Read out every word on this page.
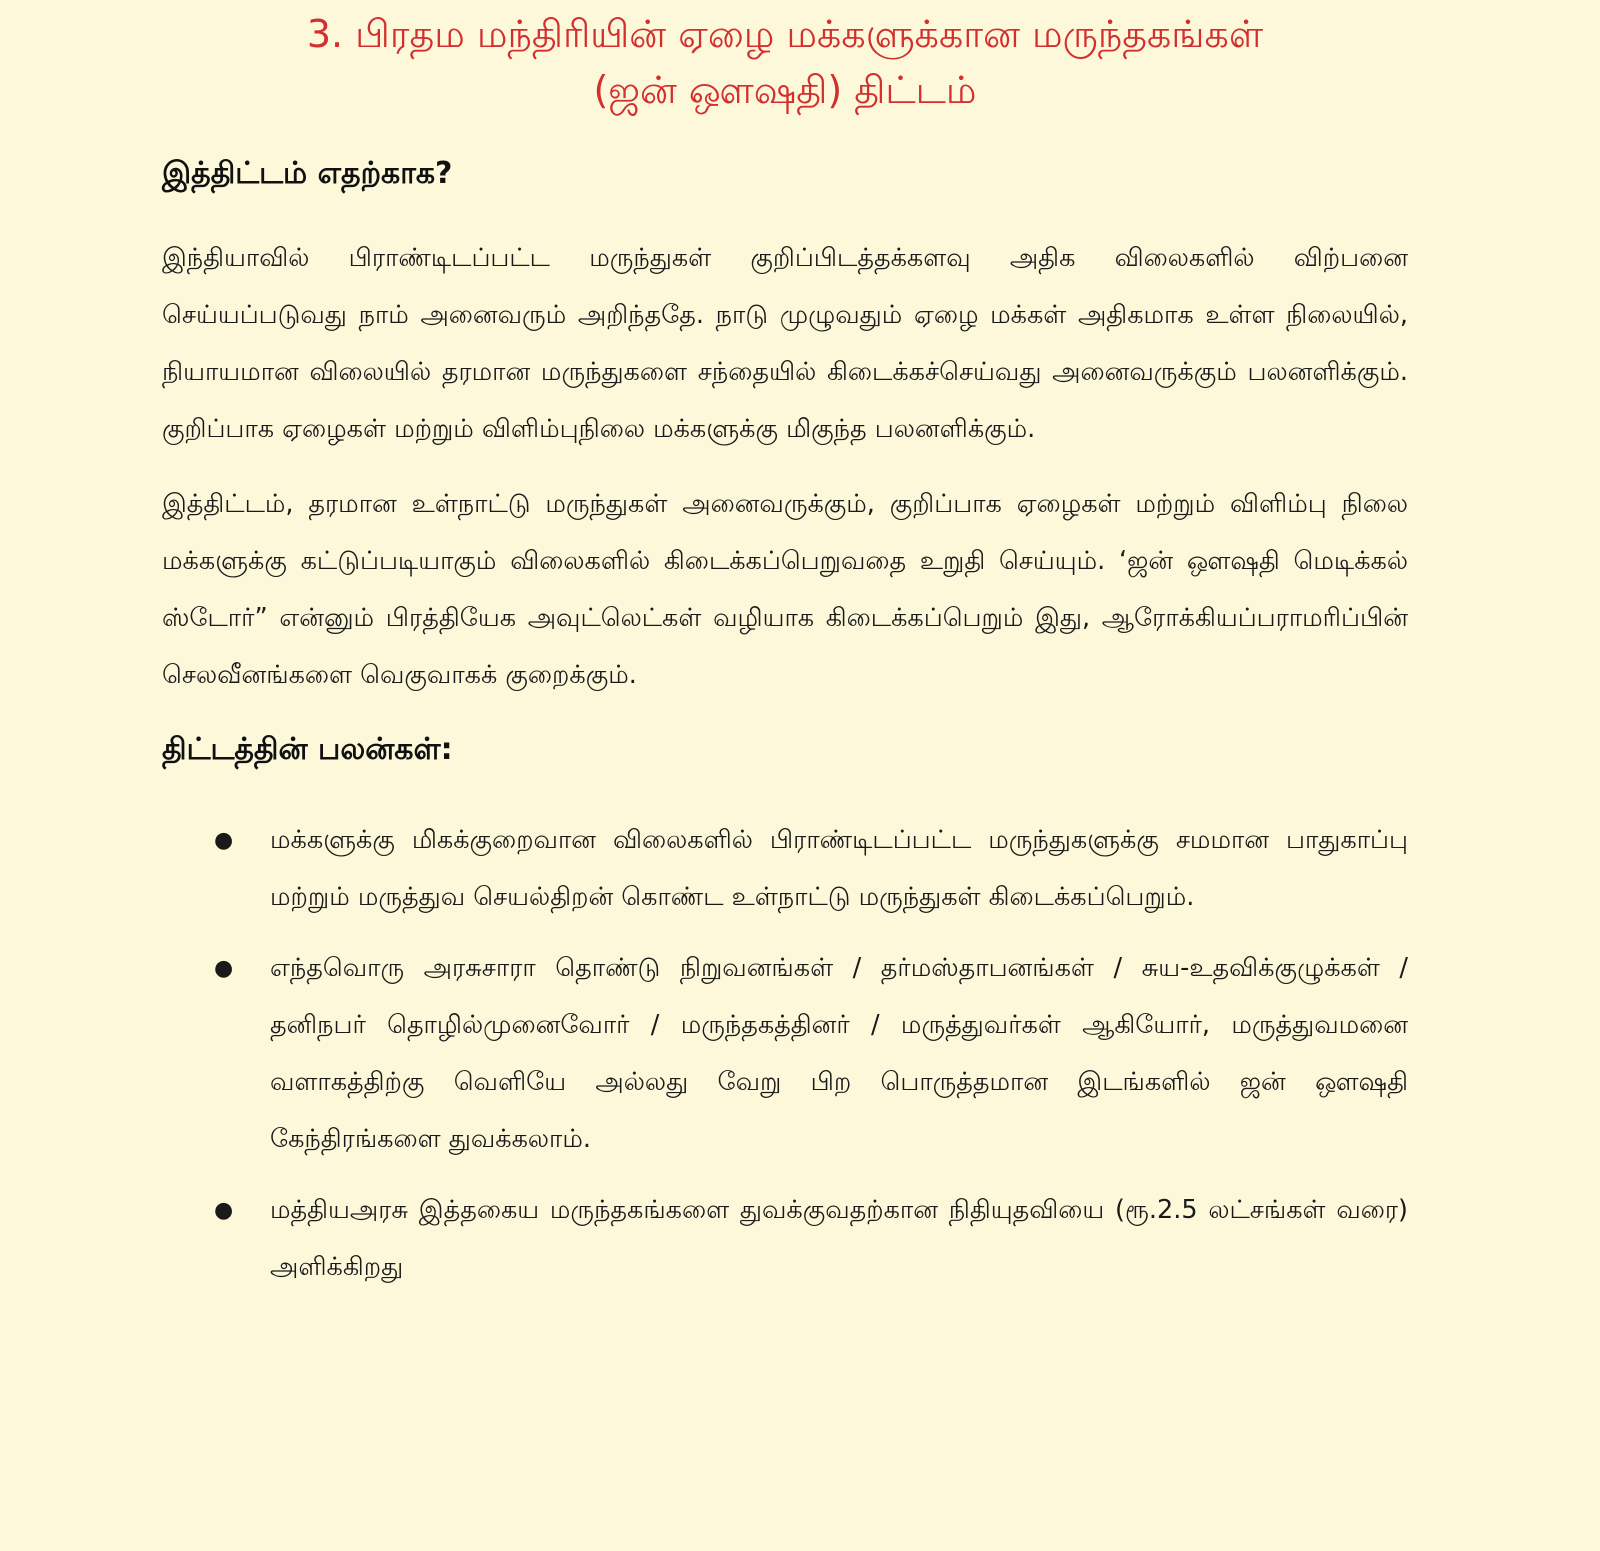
3. பிரதம மந்திரியின் ஏழை மக்களுக்கான மருந்தகங்கள்
(ஜன் ஔஷதி) திட்டம்
இத்திட்டம் எதற்காக?

இந்தியாவில் பிராண்டிடப்பட்ட மருந்துகள் குறிப்பிடத்தக்களவு அதிக விலைகளில் விற்பனை செய்யப்படுவது நாம் அனைவரும் அறிந்ததே. நாடு முழுவதும் ஏழை மக்கள் அதிகமாக உள்ள நிலையில், நியாயமான விலையில் தரமான மருந்துகளை சந்தையில் கிடைக்கச்செய்வது அனைவருக்கும் பலனளிக்கும். குறிப்பாக ஏழைகள் மற்றும் விளிம்புநிலை மக்களுக்கு மிகுந்த பலனளிக்கும்.

இத்திட்டம், தரமான உள்நாட்டு மருந்துகள் அனைவருக்கும், குறிப்பாக ஏழைகள் மற்றும் விளிம்பு நிலை மக்களுக்கு கட்டுப்படியாகும் விலைகளில் கிடைக்கப்பெறுவதை உறுதி செய்யும். ‘ஜன் ஔஷதி மெடிக்கல் ஸ்டோர்” என்னும் பிரத்தியேக அவுட்லெட்கள் வழியாக கிடைக்கப்பெறும் இது, ஆரோக்கியப்பராமரிப்பின் செலவீனங்களை வெகுவாகக் குறைக்கும்.

திட்டத்தின் பலன்கள்:
● மக்களுக்கு மிகக்குறைவான விலைகளில் பிராண்டிடப்பட்ட மருந்துகளுக்கு சமமான பாதுகாப்பு மற்றும் மருத்துவ செயல்திறன் கொண்ட உள்நாட்டு மருந்துகள் கிடைக்கப்பெறும்.
● எந்தவொரு அரசுசாரா தொண்டு நிறுவனங்கள் / தர்மஸ்தாபனங்கள் / சுய-உதவிக்குழுக்கள் / தனிநபர் தொழில்முனைவோர் / மருந்தகத்தினர் / மருத்துவர்கள் ஆகியோர், மருத்துவமனை வளாகத்திற்கு வெளியே அல்லது வேறு பிற பொருத்தமான இடங்களில் ஜன் ஔஷதி கேந்திரங்களை துவக்கலாம்.
● மத்தியஅரசு இத்தகைய மருந்தகங்களை துவக்குவதற்கான நிதியுதவியை (ரூ.2.5 லட்சங்கள் வரை) அளிக்கிறது
